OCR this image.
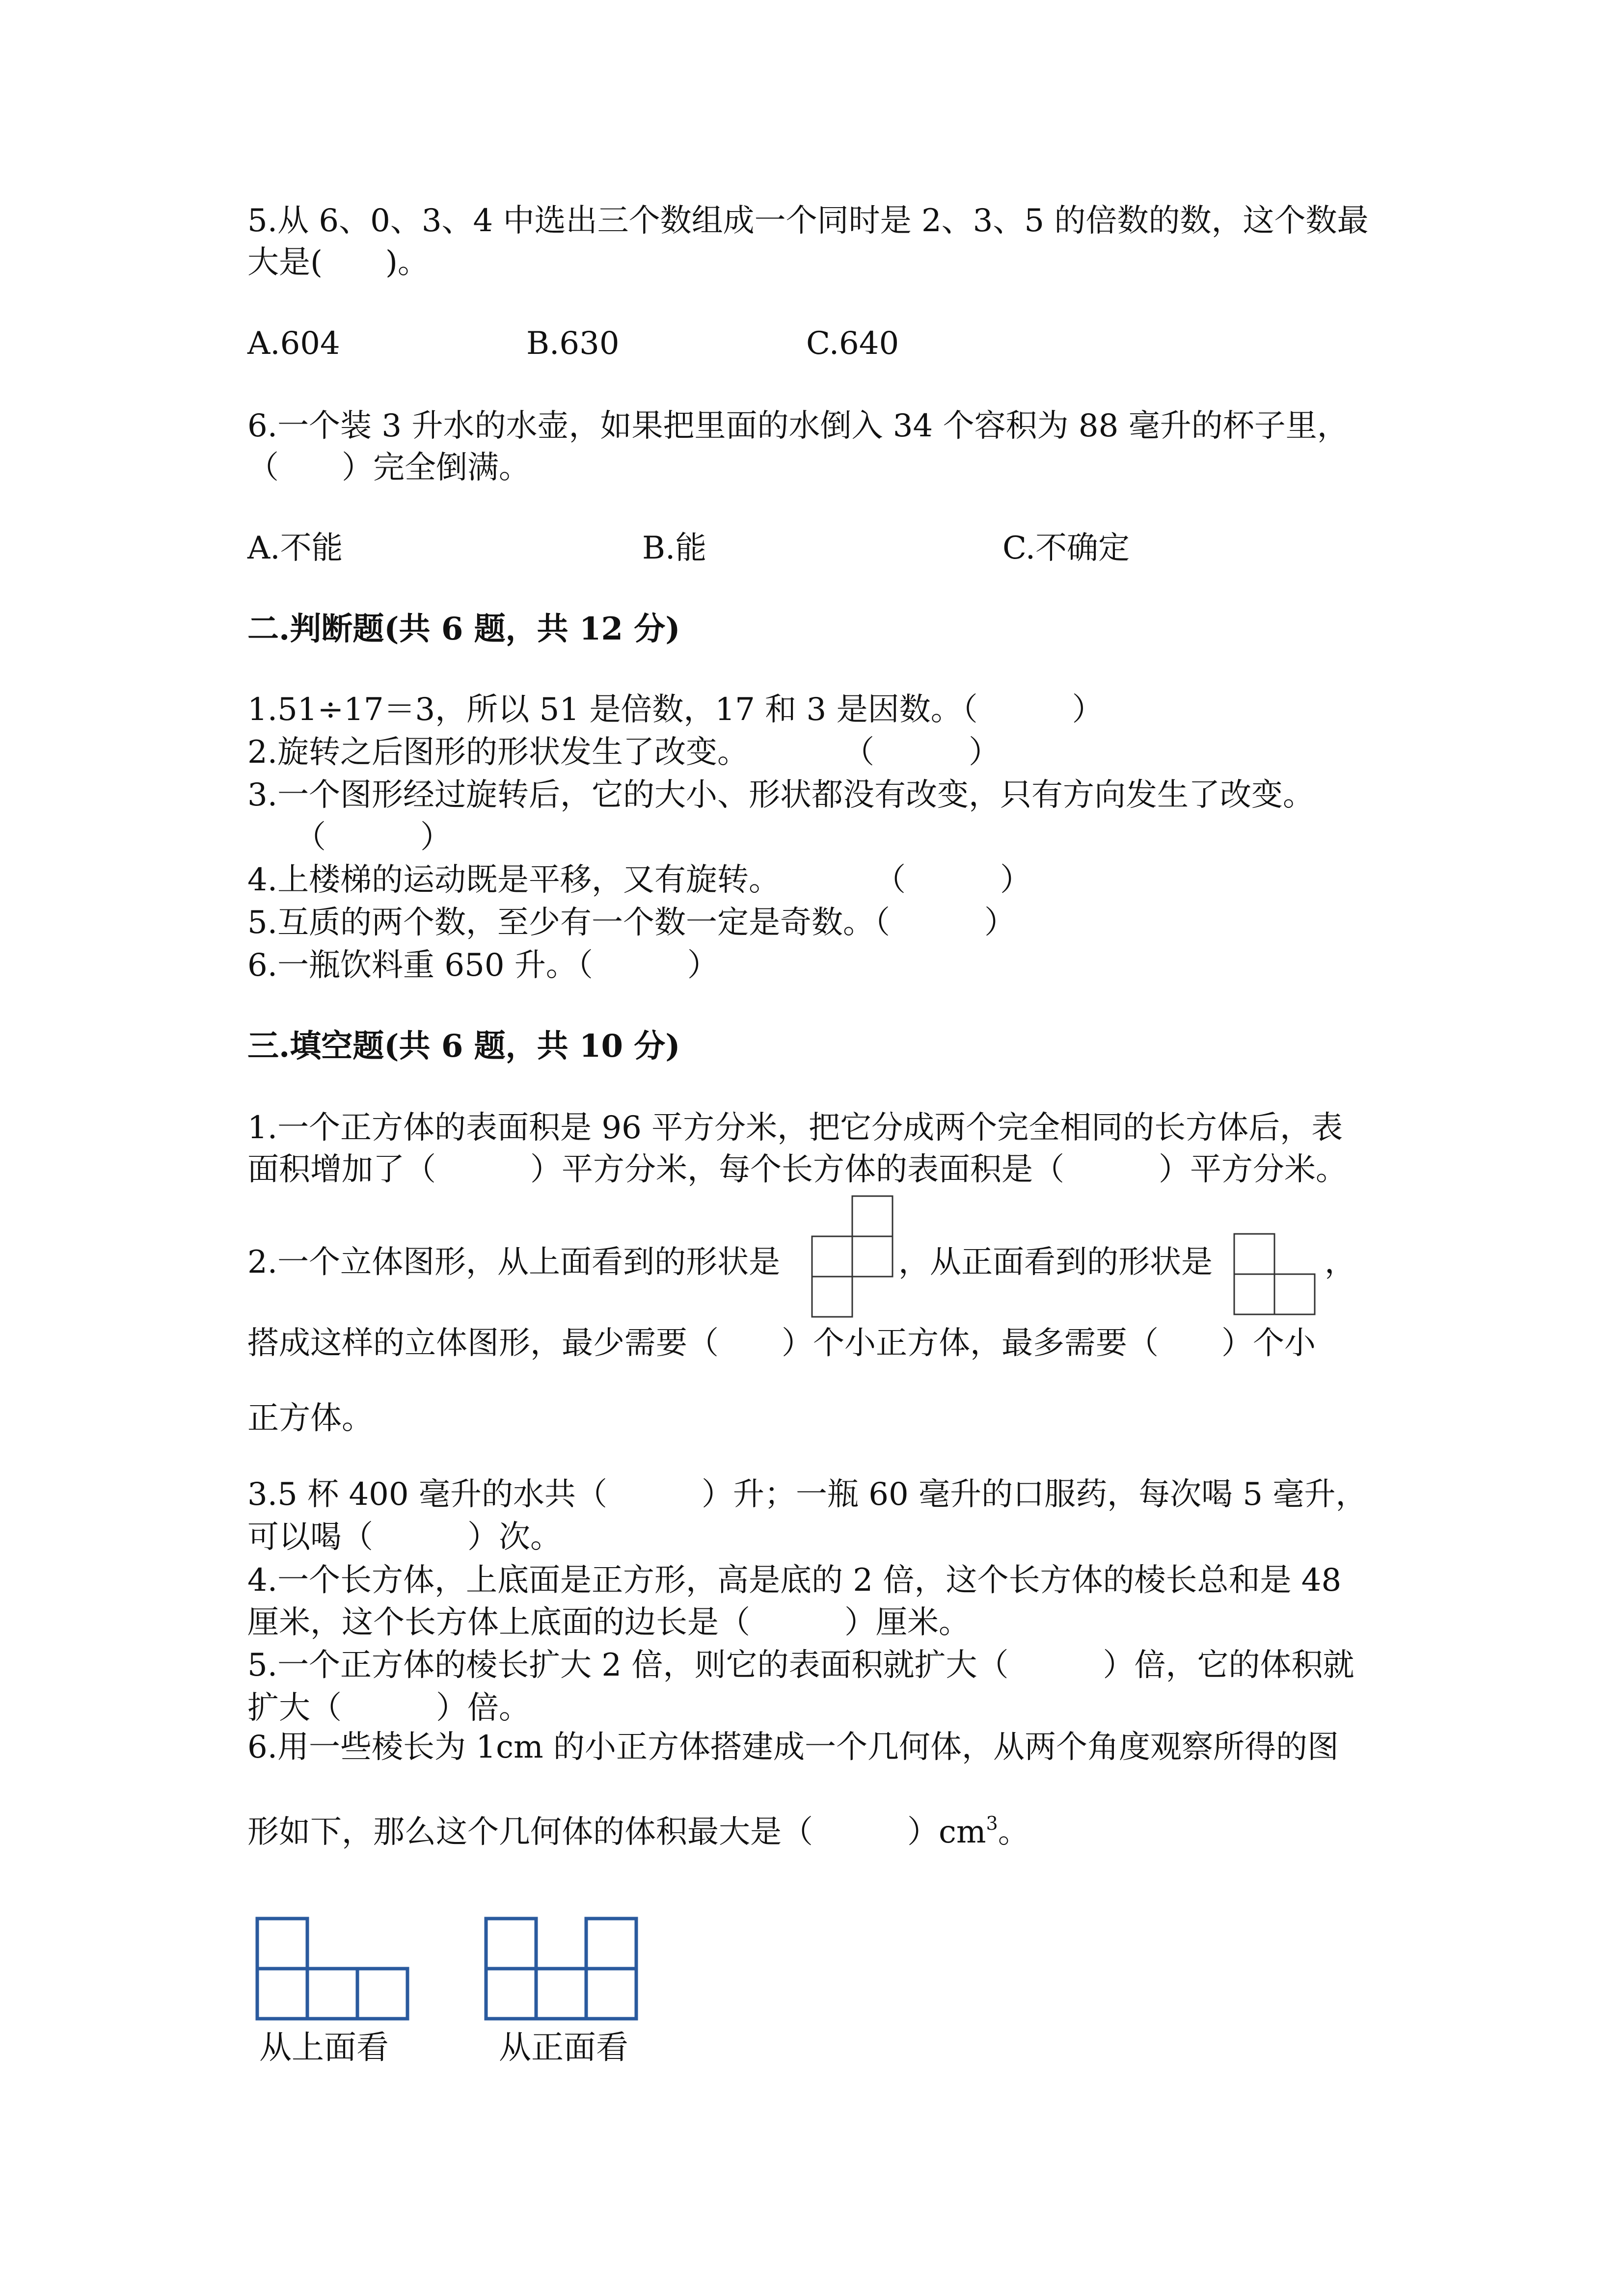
5.从 6、0、3、4 中选出三个数组成一个同时是 2、3、5 的倍数的数，这个数最

大是(　　)。

A.604	B.630	C.640

6.一个装 3 升水的水壶，如果把里面的水倒入 34 个容积为 88 毫升的杯子里，

（　　）完全倒满。

A.不能	B.能	C.不确定

二.判断题(共 6 题，共 12 分)

1.51÷17＝3，所以 51 是倍数，17 和 3 是因数。（　　　）

2.旋转之后图形的形状发生了改变。　　　　（　　　）

3.一个图形经过旋转后，它的大小、形状都没有改变，只有方向发生了改变。

　　（　　　）

4.上楼梯的运动既是平移，又有旋转。　　　　（　　　）

5.互质的两个数，至少有一个数一定是奇数。（　　　）

6.一瓶饮料重 650 升。（　　　）

三.填空题(共 6 题，共 10 分)

1.一个正方体的表面积是 96 平方分米，把它分成两个完全相同的长方体后，表

面积增加了（　　　）平方分米，每个长方体的表面积是（　　　）平方分米。

2.一个立体图形，从上面看到的形状是	，从正面看到的形状是	，

搭成这样的立体图形，最少需要（　　）个小正方体，最多需要（　　）个小

正方体。

3.5 杯 400 毫升的水共（　　　）升；一瓶 60 毫升的口服药，每次喝 5 毫升，

可以喝（　　　）次。

4.一个长方体，上底面是正方形，高是底的 2 倍，这个长方体的棱长总和是 48

厘米，这个长方体上底面的边长是（　　　）厘米。

5.一个正方体的棱长扩大 2 倍，则它的表面积就扩大（　　　）倍，它的体积就

扩大（　　　）倍。

6.用一些棱长为 1cm 的小正方体搭建成一个几何体，从两个角度观察所得的图

形如下，那么这个几何体的体积最大是（　　　）$cm^3$。

从上面看	从正面看
